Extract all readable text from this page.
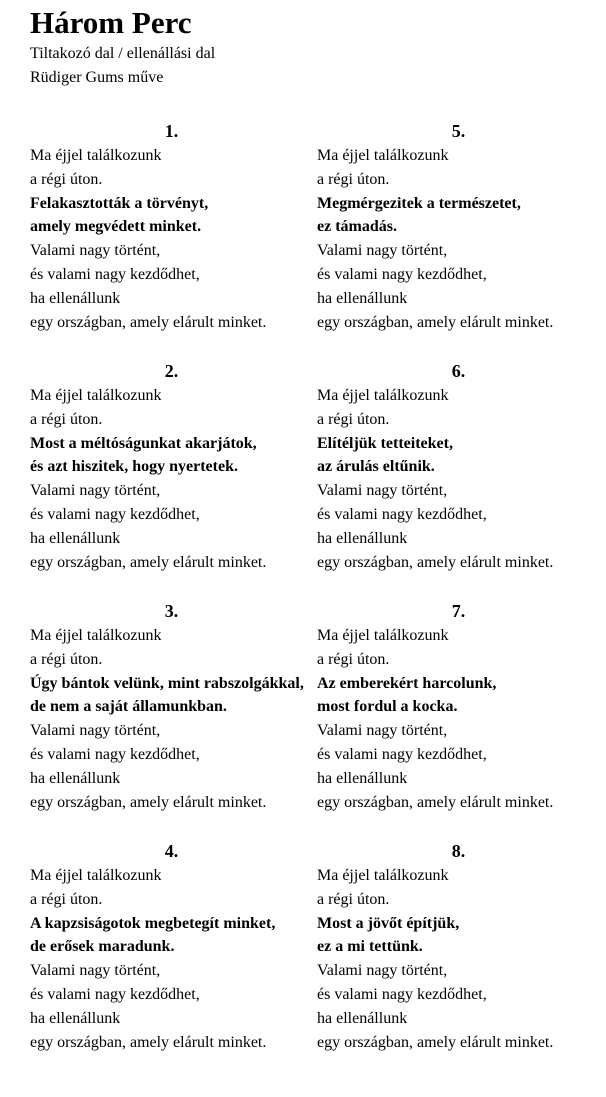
Három Perc
Tiltakozó dal / ellenállási dal
Rüdiger Gums műve
1.
Ma éjjel találkozunk
a régi úton.
Felakasztották a törvényt,
amely megvédett minket.
Valami nagy történt,
és valami nagy kezdődhet,
ha ellenállunk
egy országban, amely elárult minket.
2.
Ma éjjel találkozunk
a régi úton.
Most a méltóságunkat akarjátok,
és azt hiszitek, hogy nyertetek.
Valami nagy történt,
és valami nagy kezdődhet,
ha ellenállunk
egy országban, amely elárult minket.
3.
Ma éjjel találkozunk
a régi úton.
Úgy bántok velünk, mint rabszolgákkal,
de nem a saját államunkban.
Valami nagy történt,
és valami nagy kezdődhet,
ha ellenállunk
egy országban, amely elárult minket.
4.
Ma éjjel találkozunk
a régi úton.
A kapzsiságotok megbetegít minket,
de erősek maradunk.
Valami nagy történt,
és valami nagy kezdődhet,
ha ellenállunk
egy országban, amely elárult minket.
5.
Ma éjjel találkozunk
a régi úton.
Megmérgezitek a természetet,
ez támadás.
Valami nagy történt,
és valami nagy kezdődhet,
ha ellenállunk
egy országban, amely elárult minket.
6.
Ma éjjel találkozunk
a régi úton.
Elítéljük tetteiteket,
az árulás eltűnik.
Valami nagy történt,
és valami nagy kezdődhet,
ha ellenállunk
egy országban, amely elárult minket.
7.
Ma éjjel találkozunk
a régi úton.
Az emberekért harcolunk,
most fordul a kocka.
Valami nagy történt,
és valami nagy kezdődhet,
ha ellenállunk
egy országban, amely elárult minket.
8.
Ma éjjel találkozunk
a régi úton.
Most a jövőt építjük,
ez a mi tettünk.
Valami nagy történt,
és valami nagy kezdődhet,
ha ellenállunk
egy országban, amely elárult minket.
